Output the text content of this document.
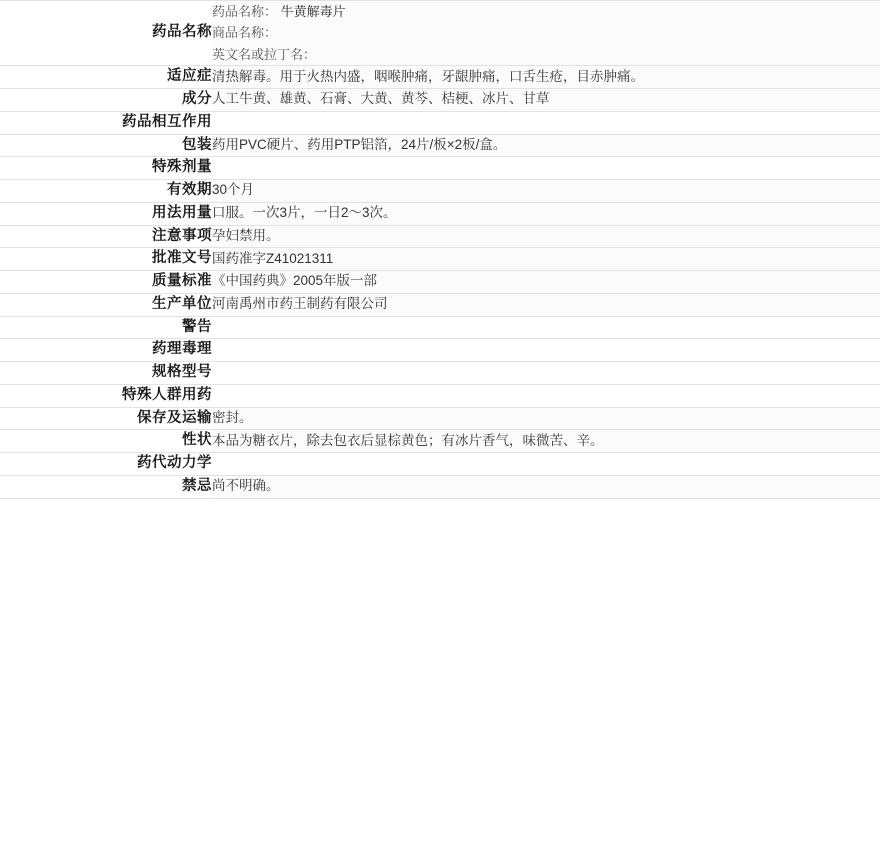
药品名称	药品名称： 牛黄解毒片
商品名称：
英文名或拉丁名：

适应症	清热解毒。用于火热内盛，咽喉肿痛，牙龈肿痛，口舌生疮，目赤肿痛。
成分	人工牛黄、雄黄、石膏、大黄、黄芩、桔梗、冰片、甘草
药品相互作用	
包装	药用PVC硬片、药用PTP铝箔，24片/板×2板/盒。
特殊剂量	
有效期	30个月
用法用量	口服。一次3片，一日2～3次。
注意事项	孕妇禁用。
批准文号	国药准字Z41021311
质量标准	《中国药典》2005年版一部
生产单位	河南禹州市药王制药有限公司
警告	
药理毒理	
规格型号	
特殊人群用药	
保存及运输	密封。
性状	本品为糖衣片，除去包衣后显棕黄色；有冰片香气，味微苦、辛。
药代动力学	
禁忌	尚不明确。
